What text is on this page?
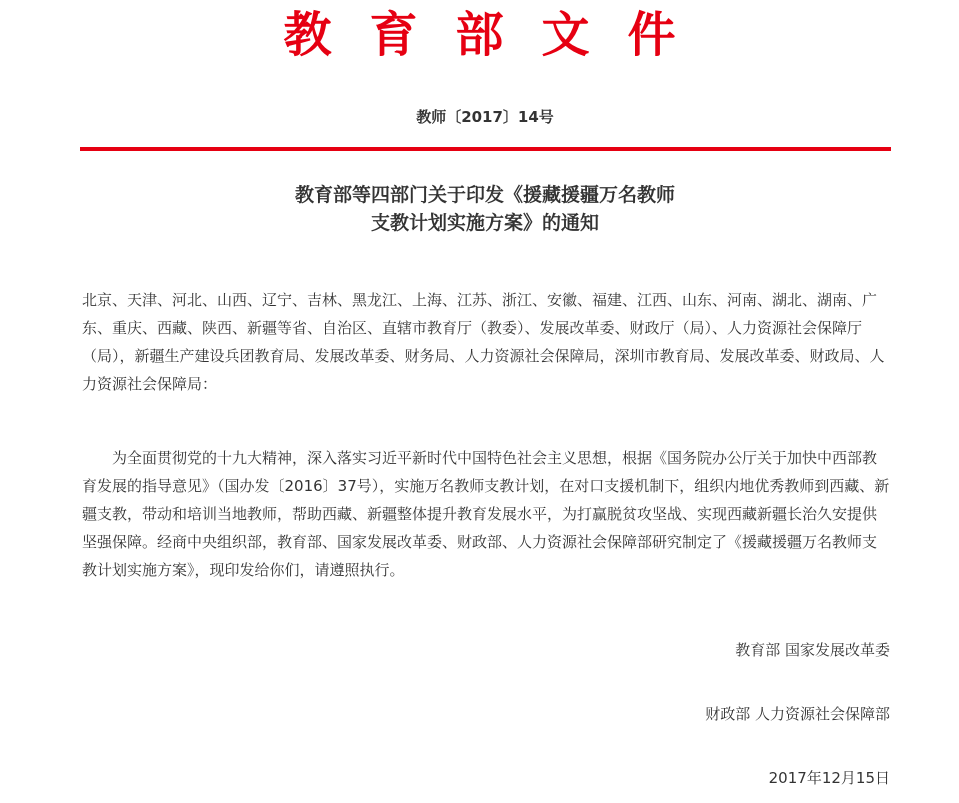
教育部文件
教师〔2017〕14号
教育部等四部门关于印发《援藏援疆万名教师
支教计划实施方案》的通知

北京、天津、河北、山西、辽宁、吉林、黑龙江、上海、江苏、浙江、安徽、福建、江西、山东、河南、湖北、湖南、广东、重庆、西藏、陕西、新疆等省、自治区、直辖市教育厅（教委）、发展改革委、财政厅（局）、人力资源社会保障厅（局），新疆生产建设兵团教育局、发展改革委、财务局、人力资源社会保障局，深圳市教育局、发展改革委、财政局、人力资源社会保障局：

为全面贯彻党的十九大精神，深入落实习近平新时代中国特色社会主义思想，根据《国务院办公厅关于加快中西部教育发展的指导意见》（国办发〔2016〕37号），实施万名教师支教计划，在对口支援机制下，组织内地优秀教师到西藏、新疆支教，带动和培训当地教师，帮助西藏、新疆整体提升教育发展水平，为打赢脱贫攻坚战、实现西藏新疆长治久安提供坚强保障。经商中央组织部，教育部、国家发展改革委、财政部、人力资源社会保障部研究制定了《援藏援疆万名教师支教计划实施方案》，现印发给你们，请遵照执行。

教育部 国家发展改革委
财政部 人力资源社会保障部
2017年12月15日
